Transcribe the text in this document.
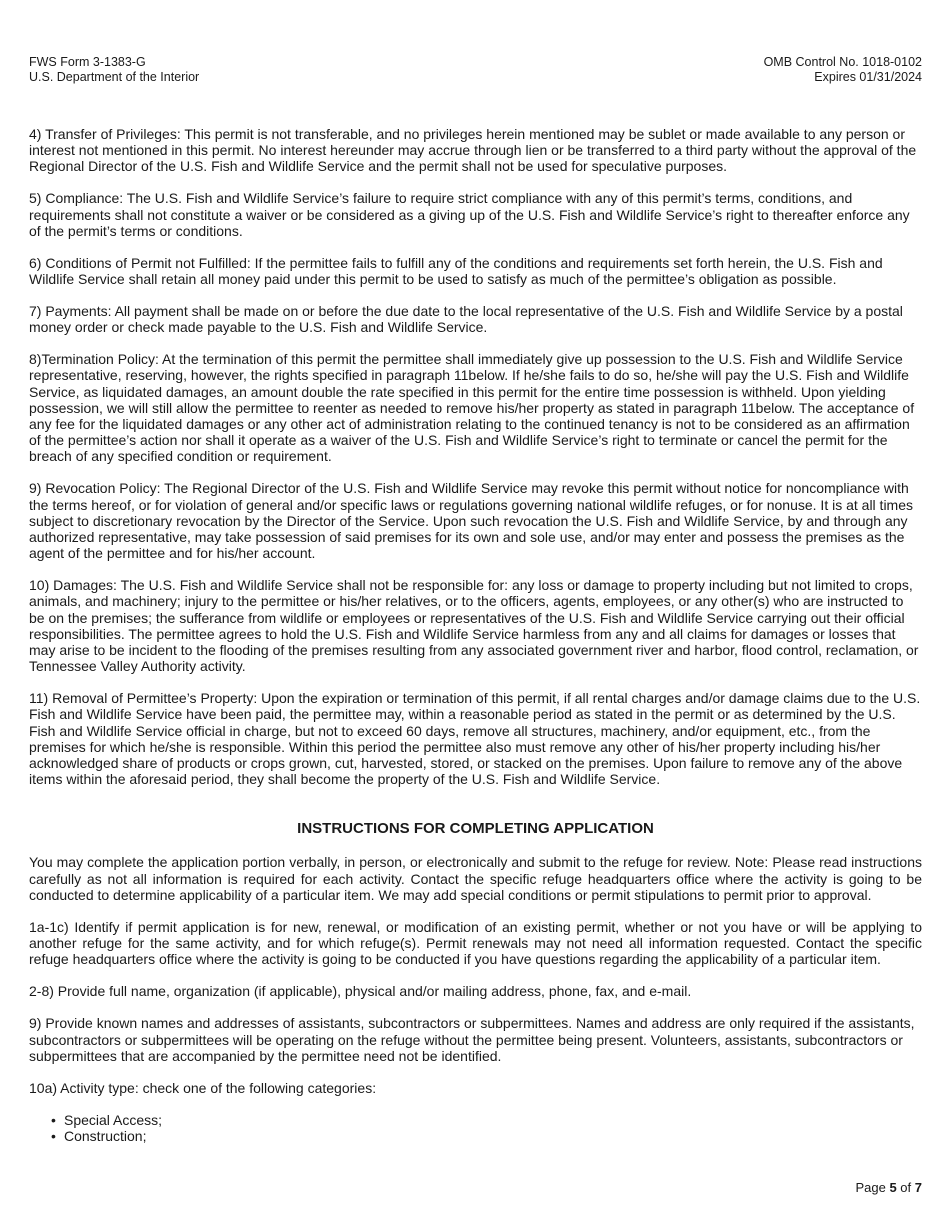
FWS Form 3-1383-G
U.S. Department of the Interior
OMB Control No. 1018-0102
Expires 01/31/2024

4) Transfer of Privileges: This permit is not transferable, and no privileges herein mentioned may be sublet or made available to any person or interest not mentioned in this permit. No interest hereunder may accrue through lien or be transferred to a third party without the approval of the Regional Director of the U.S. Fish and Wildlife Service and the permit shall not be used for speculative purposes.

5) Compliance: The U.S. Fish and Wildlife Service’s failure to require strict compliance with any of this permit’s terms, conditions, and requirements shall not constitute a waiver or be considered as a giving up of the U.S. Fish and Wildlife Service’s right to thereafter enforce any of the permit’s terms or conditions.

6) Conditions of Permit not Fulfilled: If the permittee fails to fulfill any of the conditions and requirements set forth herein, the U.S. Fish and Wildlife Service shall retain all money paid under this permit to be used to satisfy as much of the permittee’s obligation as possible.

7) Payments: All payment shall be made on or before the due date to the local representative of the U.S. Fish and Wildlife Service by a postal money order or check made payable to the U.S. Fish and Wildlife Service.

8)Termination Policy: At the termination of this permit the permittee shall immediately give up possession to the U.S. Fish and Wildlife Service representative, reserving, however, the rights specified in paragraph 11below. If he/she fails to do so, he/she will pay the U.S. Fish and Wildlife Service, as liquidated damages, an amount double the rate specified in this permit for the entire time possession is withheld. Upon yielding possession, we will still allow the permittee to reenter as needed to remove his/her property as stated in paragraph 11below. The acceptance of any fee for the liquidated damages or any other act of administration relating to the continued tenancy is not to be considered as an affirmation of the permittee’s action nor shall it operate as a waiver of the U.S. Fish and Wildlife Service’s right to terminate or cancel the permit for the breach of any specified condition or requirement.

9) Revocation Policy: The Regional Director of the U.S. Fish and Wildlife Service may revoke this permit without notice for noncompliance with the terms hereof, or for violation of general and/or specific laws or regulations governing national wildlife refuges, or for nonuse. It is at all times subject to discretionary revocation by the Director of the Service. Upon such revocation the U.S. Fish and Wildlife Service, by and through any authorized representative, may take possession of said premises for its own and sole use, and/or may enter and possess the premises as the agent of the permittee and for his/her account.

10) Damages: The U.S. Fish and Wildlife Service shall not be responsible for: any loss or damage to property including but not limited to crops, animals, and machinery; injury to the permittee or his/her relatives, or to the officers, agents, employees, or any other(s) who are instructed to be on the premises; the sufferance from wildlife or employees or representatives of the U.S. Fish and Wildlife Service carrying out their official responsibilities. The permittee agrees to hold the U.S. Fish and Wildlife Service harmless from any and all claims for damages or losses that may arise to be incident to the flooding of the premises resulting from any associated government river and harbor, flood control, reclamation, or Tennessee Valley Authority activity.

11) Removal of Permittee’s Property: Upon the expiration or termination of this permit, if all rental charges and/or damage claims due to the U.S. Fish and Wildlife Service have been paid, the permittee may, within a reasonable period as stated in the permit or as determined by the U.S. Fish and Wildlife Service official in charge, but not to exceed 60 days, remove all structures, machinery, and/or equipment, etc., from the premises for which he/she is responsible. Within this period the permittee also must remove any other of his/her property including his/her acknowledged share of products or crops grown, cut, harvested, stored, or stacked on the premises. Upon failure to remove any of the above items within the aforesaid period, they shall become the property of the U.S. Fish and Wildlife Service.

INSTRUCTIONS FOR COMPLETING APPLICATION

You may complete the application portion verbally, in person, or electronically and submit to the refuge for review. Note: Please read instructions carefully as not all information is required for each activity. Contact the specific refuge headquarters office where the activity is going to be conducted to determine applicability of a particular item. We may add special conditions or permit stipulations to permit prior to approval.

1a-1c) Identify if permit application is for new, renewal, or modification of an existing permit, whether or not you have or will be applying to another refuge for the same activity, and for which refuge(s). Permit renewals may not need all information requested. Contact the specific refuge headquarters office where the activity is going to be conducted if you have questions regarding the applicability of a particular item.

2-8) Provide full name, organization (if applicable), physical and/or mailing address, phone, fax, and e-mail.

9) Provide known names and addresses of assistants, subcontractors or subpermittees. Names and address are only required if the assistants, subcontractors or subpermittees will be operating on the refuge without the permittee being present. Volunteers, assistants, subcontractors or subpermittees that are accompanied by the permittee need not be identified.

10a) Activity type: check one of the following categories:

• Special Access;
• Construction;
Page 5 of 7
